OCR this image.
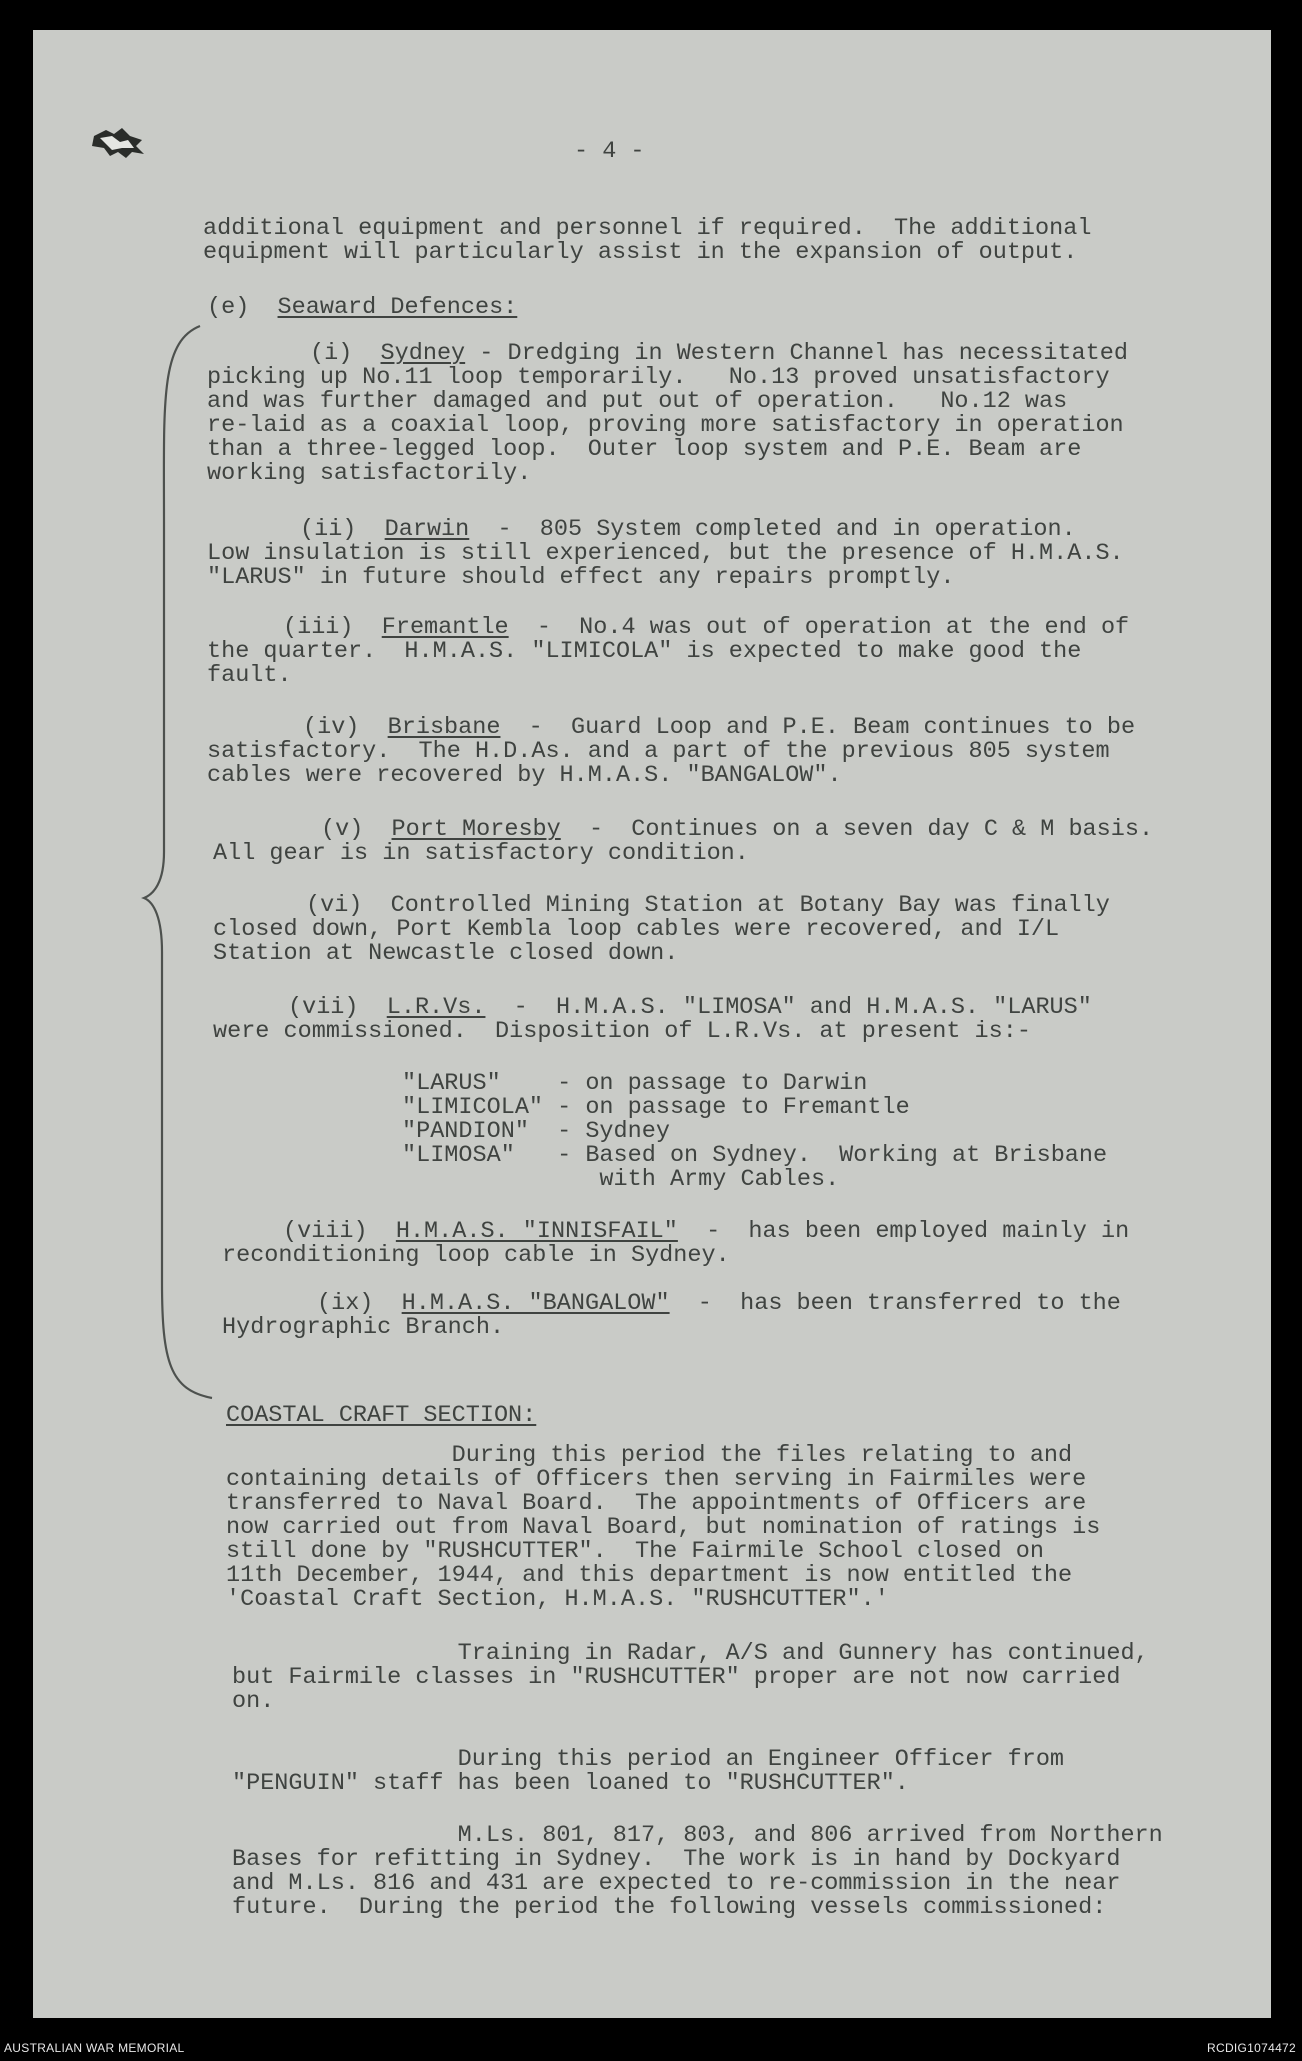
- 4 -
additional equipment and personnel if required.  The additional
equipment will particularly assist in the expansion of output.
(e) Seaward Defences:
(i) Sydney - Dredging in Western Channel has necessitated
picking up No.11 loop temporarily.   No.13 proved unsatisfactory
and was further damaged and put out of operation.   No.12 was
re-laid as a coaxial loop, proving more satisfactory in operation
than a three-legged loop.  Outer loop system and P.E. Beam are
working satisfactorily.
(ii) Darwin  -  805 System completed and in operation.
Low insulation is still experienced, but the presence of H.M.A.S.
"LARUS" in future should effect any repairs promptly.
(iii) Fremantle  -  No.4 was out of operation at the end of
the quarter.  H.M.A.S. "LIMICOLA" is expected to make good the
fault.
(iv) Brisbane  -  Guard Loop and P.E. Beam continues to be
satisfactory.  The H.D.As. and a part of the previous 805 system
cables were recovered by H.M.A.S. "BANGALOW".
(v) Port Moresby  -  Continues on a seven day C & M basis.
All gear is in satisfactory condition.
(vi) Controlled Mining Station at Botany Bay was finally
closed down, Port Kembla loop cables were recovered, and I/L
Station at Newcastle closed down.
(vii) L.R.Vs.  -  H.M.A.S. "LIMOSA" and H.M.A.S. "LARUS"
were commissioned.  Disposition of L.R.Vs. at present is:-
"LARUS"    - on passage to Darwin
"LIMICOLA" - on passage to Fremantle
"PANDION"  - Sydney
"LIMOSA"   - Based on Sydney.  Working at Brisbane
with Army Cables.
(viii) H.M.A.S. "INNISFAIL"  -  has been employed mainly in
reconditioning loop cable in Sydney.
(ix) H.M.A.S. "BANGALOW"  -  has been transferred to the
Hydrographic Branch.
COASTAL CRAFT SECTION:
During this period the files relating to and
containing details of Officers then serving in Fairmiles were
transferred to Naval Board.  The appointments of Officers are
now carried out from Naval Board, but nomination of ratings is
still done by "RUSHCUTTER".  The Fairmile School closed on
11th December, 1944, and this department is now entitled the
'Coastal Craft Section, H.M.A.S. "RUSHCUTTER".'
Training in Radar, A/S and Gunnery has continued,
but Fairmile classes in "RUSHCUTTER" proper are not now carried
on.
During this period an Engineer Officer from
"PENGUIN" staff has been loaned to "RUSHCUTTER".
M.Ls. 801, 817, 803, and 806 arrived from Northern
Bases for refitting in Sydney.  The work is in hand by Dockyard
and M.Ls. 816 and 431 are expected to re-commission in the near
future.  During the period the following vessels commissioned:
AUSTRALIAN WAR MEMORIAL	RCDIG1074472
